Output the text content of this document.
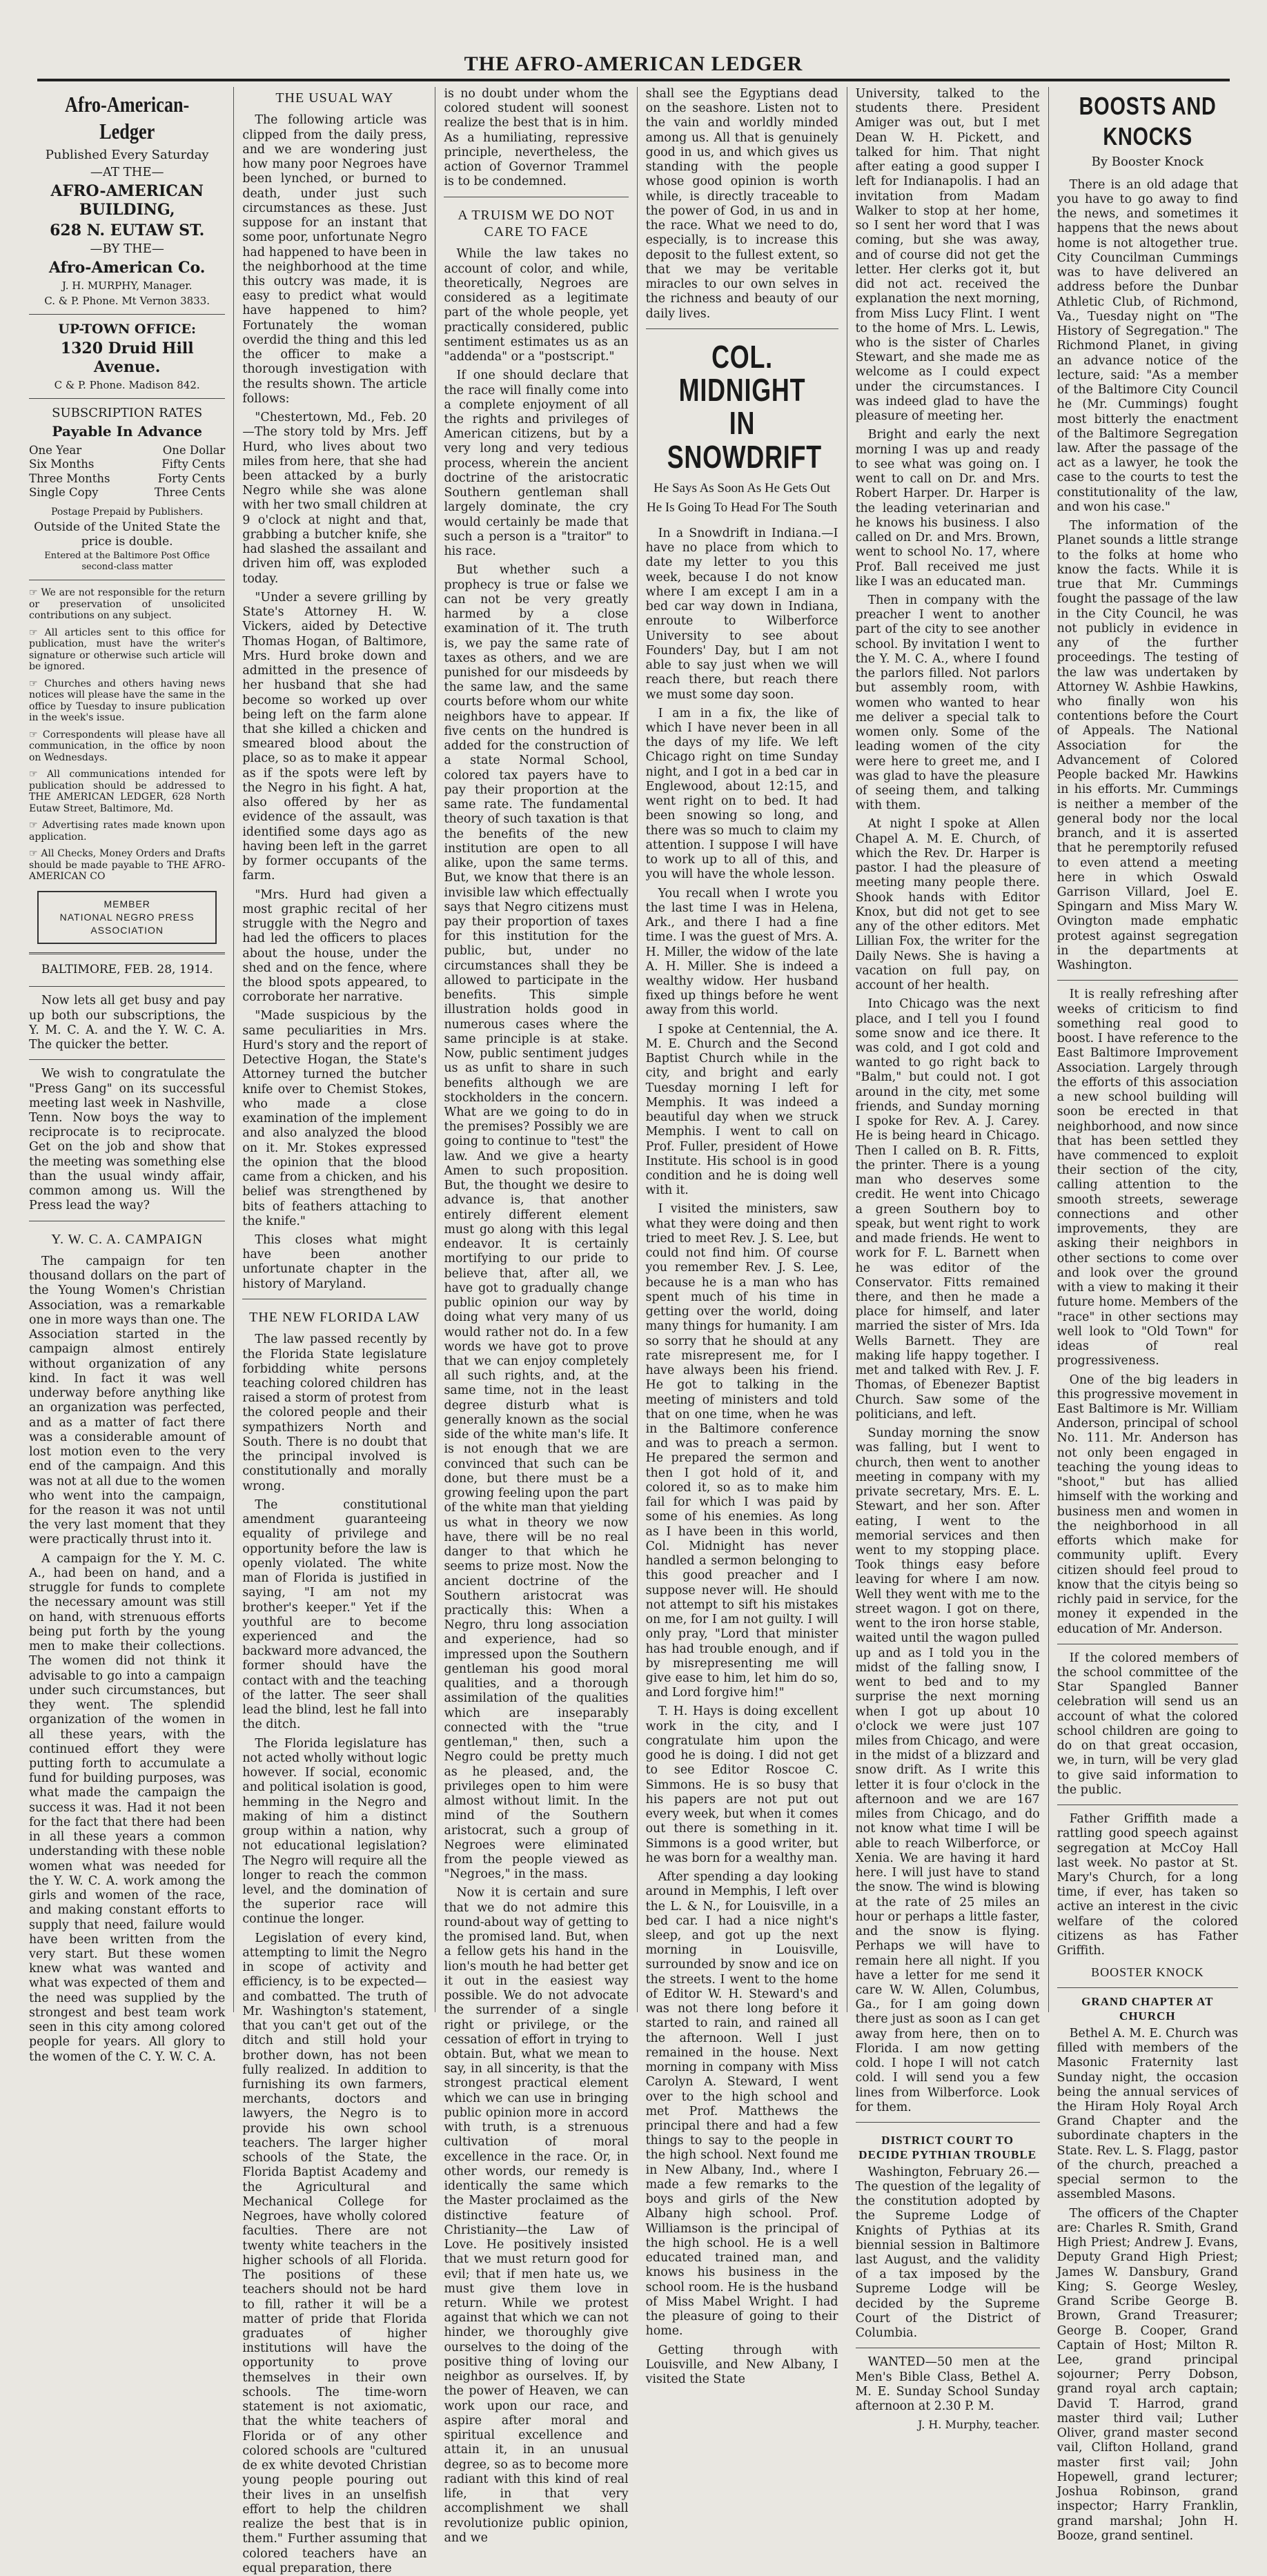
THE AFRO-AMERICAN LEDGER
Afro-American-Ledger
Published Every Saturday
—AT THE—
AFRO-AMERICAN BUILDING,
628 N. EUTAW ST.
—BY THE—
Afro-American Co.
J. H. MURPHY, Manager.
C. & P. Phone. Mt Vernon 3833.
UP-TOWN OFFICE:
1320 Druid Hill Avenue.
C & P. Phone. Madison 842.
SUBSCRIPTION RATES
Payable In Advance
One Year	One Dollar
Six Months	Fifty Cents
Three Months	Forty Cents
Single Copy	Three Cents
Postage Prepaid by Publishers.
Outside of the United State the price is double.
Entered at the Baltimore Post Office second-class matter

☞ We are not responsible for the return or preservation of unsolicited contributions on any subject.

☞ All articles sent to this office for publication, must have the writer's signature or otherwise such article will be ignored.

☞ Churches and others having news notices will please have the same in the office by Tuesday to insure publication in the week's issue.

☞ Correspondents will please have all communication, in the office by noon on Wednesdays.

☞ All communications intended for publication should be addressed to THE AMERICAN LEDGER, 628 North Eutaw Street, Baltimore, Md.

☞ Advertising rates made known upon application.

☞ All Checks, Money Orders and Drafts should be made payable to THE AFRO-AMERICAN CO

MEMBER
NATIONAL NEGRO PRESS
ASSOCIATION
BALTIMORE, FEB. 28, 1914.

Now lets all get busy and pay up both our subscriptions, the Y. M. C. A. and the Y. W. C. A. The quicker the better.

We wish to congratulate the "Press Gang" on its successful meeting last week in Nashville, Tenn. Now boys the way to reciprocate is to reciprocate. Get on the job and show that the meeting was something else than the usual windy affair, common among us. Will the Press lead the way?

Y. W. C. A. CAMPAIGN

The campaign for ten thousand dollars on the part of the Young Women's Christian Association, was a remarkable one in more ways than one. The Association started in the campaign almost entirely without organization of any kind. In fact it was well underway before anything like an organization was perfected, and as a matter of fact there was a considerable amount of lost motion even to the very end of the campaign. And this was not at all due to the women who went into the campaign, for the reason it was not until the very last moment that they were practically thrust into it.

A campaign for the Y. M. C. A., had been on hand, and a struggle for funds to complete the necessary amount was still on hand, with strenuous efforts being put forth by the young men to make their collections. The women did not think it advisable to go into a campaign under such circumstances, but they went. The splendid organization of the women in all these years, with the continued effort they were putting forth to accumulate a fund for building purposes, was what made the campaign the success it was. Had it not been for the fact that there had been in all these years a common understanding with these noble women what was needed for the Y. W. C. A. work among the girls and women of the race, and making constant efforts to supply that need, failure would have been written from the very start. But these women knew what was wanted and what was expected of them and the need was supplied by the strongest and best team work seen in this city among colored people for years. All glory to the women of the C. Y. W. C. A.

THE USUAL WAY

The following article was clipped from the daily press, and we are wondering just how many poor Negroes have been lynched, or burned to death, under just such circumstances as these. Just suppose for an instant that some poor, unfortunate Negro had happened to have been in the neighborhood at the time this outcry was made, it is easy to predict what would have happened to him? Fortunately the woman overdid the thing and this led the officer to make a thorough investigation with the results shown. The article follows:

"Chestertown, Md., Feb. 20—The story told by Mrs. Jeff Hurd, who lives about two miles from here, that she had been attacked by a burly Negro while she was alone with her two small children at 9 o'clock at night and that, grabbing a butcher knife, she had slashed the assailant and driven him off, was exploded today.

"Under a severe grilling by State's Attorney H. W. Vickers, aided by Detective Thomas Hogan, of Baltimore, Mrs. Hurd broke down and admitted in the presence of her husband that she had become so worked up over being left on the farm alone that she killed a chicken and smeared blood about the place, so as to make it appear as if the spots were left by the Negro in his fight. A hat, also offered by her as evidence of the assault, was identified some days ago as having been left in the garret by former occupants of the farm.

"Mrs. Hurd had given a most graphic recital of her struggle with the Negro and had led the officers to places about the house, under the shed and on the fence, where the blood spots appeared, to corroborate her narrative.

"Made suspicious by the same peculiarities in Mrs. Hurd's story and the report of Detective Hogan, the State's Attorney turned the butcher knife over to Chemist Stokes, who made a close examination of the implement and also analyzed the blood on it. Mr. Stokes expressed the opinion that the blood came from a chicken, and his belief was strengthened by bits of feathers attaching to the knife."

This closes what might have been another unfortunate chapter in the history of Maryland.

THE NEW FLORIDA LAW

The law passed recently by the Florida State legislature forbidding white persons teaching colored children has raised a storm of protest from the colored people and their sympathizers North and South. There is no doubt that the principal involved is constitutionally and morally wrong.

The constitutional amendment guaranteeing equality of privilege and opportunity before the law is openly violated. The white man of Florida is justified in saying, "I am not my brother's keeper." Yet if the youthful are to become experienced and the backward more advanced, the former should have the contact with and the teaching of the latter. The seer shall lead the blind, lest he fall into the ditch.

The Florida legislature has not acted wholly without logic however. If social, economic and political isolation is good, hemming in the Negro and making of him a distinct group within a nation, why not educational legislation? The Negro will require all the longer to reach the common level, and the domination of the superior race will continue the longer.

Legislation of every kind, attempting to limit the Negro in scope of activity and efficiency, is to be expected—and combatted. The truth of Mr. Washington's statement, that you can't get out of the ditch and still hold your brother down, has not been fully realized. In addition to furnishing its own farmers, merchants, doctors and lawyers, the Negro is to provide his own school teachers. The larger higher schools of the State, the Florida Baptist Academy and the Agricultural and Mechanical College for Negroes, have wholly colored faculties. There are not twenty white teachers in the higher schools of all Florida. The positions of these teachers should not be hard to fill, rather it will be a matter of pride that Florida graduates of higher institutions will have the opportunity to prove themselves in their own schools. The time-worn statement is not axiomatic, that the white teachers of Florida or of any other colored schools are "cultured de ex white devoted Christian young people pouring out their lives in an unselfish effort to help the children realize the best that is in them." Further assuming that colored teachers have an equal preparation, there

is no doubt under whom the colored student will soonest realize the best that is in him. As a humiliating, repressive principle, nevertheless, the action of Governor Trammel is to be condemned.

A TRUISM WE DO NOT CARE TO FACE

While the law takes no account of color, and while, theoretically, Negroes are considered as a legitimate part of the whole people, yet practically considered, public sentiment estimates us as an "addenda" or a "postscript."

If one should declare that the race will finally come into a complete enjoyment of all the rights and privileges of American citizens, but by a very long and very tedious process, wherein the ancient doctrine of the aristocratic Southern gentleman shall largely dominate, the cry would certainly be made that such a person is a "traitor" to his race.

But whether such a prophecy is true or false we can not be very greatly harmed by a close examination of it. The truth is, we pay the same rate of taxes as others, and we are punished for our misdeeds by the same law, and the same courts before whom our white neighbors have to appear. If five cents on the hundred is added for the construction of a state Normal School, colored tax payers have to pay their proportion at the same rate. The fundamental theory of such taxation is that the benefits of the new institution are open to all alike, upon the same terms. But, we know that there is an invisible law which effectually says that Negro citizens must pay their proportion of taxes for this institution for the public, but, under no circumstances shall they be allowed to participate in the benefits. This simple illustration holds good in numerous cases where the same principle is at stake. Now, public sentiment judges us as unfit to share in such benefits although we are stockholders in the concern. What are we going to do in the premises? Possibly we are going to continue to "test" the law. And we give a hearty Amen to such proposition. But, the thought we desire to advance is, that another entirely different element must go along with this legal endeavor. It is certainly mortifying to our pride to believe that, after all, we have got to gradually change public opinion our way by doing what very many of us would rather not do. In a few words we have got to prove that we can enjoy completely all such rights, and, at the same time, not in the least degree disturb what is generally known as the social side of the white man's life. It is not enough that we are convinced that such can be done, but there must be a growing feeling upon the part of the white man that yielding us what in theory we now have, there will be no real danger to that which he seems to prize most. Now the ancient doctrine of the Southern aristocrat was practically this: When a Negro, thru long association and experience, had so impressed upon the Southern gentleman his good moral qualities, and a thorough assimilation of the qualities which are inseparably connected with the "true gentleman," then, such a Negro could be pretty much as he pleased, and, the privileges open to him were almost without limit. In the mind of the Southern aristocrat, such a group of Negroes were eliminated from the people viewed as "Negroes," in the mass.

Now it is certain and sure that we do not admire this round-about way of getting to the promised land. But, when a fellow gets his hand in the lion's mouth he had better get it out in the easiest way possible. We do not advocate the surrender of a single right or privilege, or the cessation of effort in trying to obtain. But, what we mean to say, in all sincerity, is that the strongest practical element which we can use in bringing public opinion more in accord with truth, is a strenuous cultivation of moral excellence in the race. Or, in other words, our remedy is identically the same which the Master proclaimed as the distinctive feature of Christianity—the Law of Love. He positively insisted that we must return good for evil; that if men hate us, we must give them love in return. While we protest against that which we can not hinder, we thoroughly give ourselves to the doing of the positive thing of loving our neighbor as ourselves. If, by the power of Heaven, we can work upon our race, and aspire after moral and spiritual excellence and attain it, in an unusual degree, so as to become more radiant with this kind of real life, in that very accomplishment we shall revolutionize public opinion, and we

shall see the Egyptians dead on the seashore. Listen not to the vain and worldly minded among us. All that is genuinely good in us, and which gives us standing with the people whose good opinion is worth while, is directly traceable to the power of God, in us and in the race. What we need to do, especially, is to increase this deposit to the fullest extent, so that we may be veritable miracles to our own selves in the richness and beauty of our daily lives.

COL. MIDNIGHT IN SNOWDRIFT
He Says As Soon As He Gets Out He Is Going To Head For The South

In a Snowdrift in Indiana.—I have no place from which to date my letter to you this week, because I do not know where I am except I am in a bed car way down in Indiana, enroute to Wilberforce University to see about Founders' Day, but I am not able to say just when we will reach there, but reach there we must some day soon.

I am in a fix, the like of which I have never been in all the days of my life. We left Chicago right on time Sunday night, and I got in a bed car in Englewood, about 12:15, and went right on to bed. It had been snowing so long, and there was so much to claim my attention. I suppose I will have to work up to all of this, and you will have the whole lesson.

You recall when I wrote you the last time I was in Helena, Ark., and there I had a fine time. I was the guest of Mrs. A. H. Miller, the widow of the late A. H. Miller. She is indeed a wealthy widow. Her husband fixed up things before he went away from this world.

I spoke at Centennial, the A. M. E. Church and the Second Baptist Church while in the city, and bright and early Tuesday morning I left for Memphis. It was indeed a beautiful day when we struck Memphis. I went to call on Prof. Fuller, president of Howe Institute. His school is in good condition and he is doing well with it.

I visited the ministers, saw what they were doing and then tried to meet Rev. J. S. Lee, but could not find him. Of course you remember Rev. J. S. Lee, because he is a man who has spent much of his time in getting over the world, doing many things for humanity. I am so sorry that he should at any rate misrepresent me, for I have always been his friend. He got to talking in the meeting of ministers and told that on one time, when he was in the Baltimore conference and was to preach a sermon. He prepared the sermon and then I got hold of it, and colored it, so as to make him fail for which I was paid by some of his enemies. As long as I have been in this world, Col. Midnight has never handled a sermon belonging to this good preacher and I suppose never will. He should not attempt to sift his mistakes on me, for I am not guilty. I will only pray, "Lord that minister has had trouble enough, and if by misrepresenting me will give ease to him, let him do so, and Lord forgive him!"

T. H. Hays is doing excellent work in the city, and I congratulate him upon the good he is doing. I did not get to see Editor Roscoe C. Simmons. He is so busy that his papers are not put out every week, but when it comes out there is something in it. Simmons is a good writer, but he was born for a wealthy man.

After spending a day looking around in Memphis, I left over the L. & N., for Louisville, in a bed car. I had a nice night's sleep, and got up the next morning in Louisville, surrounded by snow and ice on the streets. I went to the home of Editor W. H. Steward's and was not there long before it started to rain, and rained all the afternoon. Well I just remained in the house. Next morning in company with Miss Carolyn A. Steward, I went over to the high school and met Prof. Matthews the principal there and had a few things to say to the people in the high school. Next found me in New Albany, Ind., where I made a few remarks to the boys and girls of the New Albany high school. Prof. Williamson is the principal of the high school. He is a well educated trained man, and knows his business in the school room. He is the husband of Miss Mabel Wright. I had the pleasure of going to their home.

Getting through with Louisville, and New Albany, I visited the State

University, talked to the students there. President Amiger was out, but I met Dean W. H. Pickett, and talked for him. That night after eating a good supper I left for Indianapolis. I had an invitation from Madam Walker to stop at her home, so I sent her word that I was coming, but she was away, and of course did not get the letter. Her clerks got it, but did not act. received the explanation the next morning, from Miss Lucy Flint. I went to the home of Mrs. L. Lewis, who is the sister of Charles Stewart, and she made me as welcome as I could expect under the circumstances. I was indeed glad to have the pleasure of meeting her.

Bright and early the next morning I was up and ready to see what was going on. I went to call on Dr. and Mrs. Robert Harper. Dr. Harper is the leading veterinarian and he knows his business. I also called on Dr. and Mrs. Brown, went to school No. 17, where Prof. Ball received me just like I was an educated man.

Then in company with the preacher I went to another part of the city to see another school. By invitation I went to the Y. M. C. A., where I found the parlors filled. Not parlors but assembly room, with women who wanted to hear me deliver a special talk to women only. Some of the leading women of the city were here to greet me, and I was glad to have the pleasure of seeing them, and talking with them.

At night I spoke at Allen Chapel A. M. E. Church, of which the Rev. Dr. Harper is pastor. I had the pleasure of meeting many people there. Shook hands with Editor Knox, but did not get to see any of the other editors. Met Lillian Fox, the writer for the Daily News. She is having a vacation on full pay, on account of her health.

Into Chicago was the next place, and I tell you I found some snow and ice there. It was cold, and I got cold and wanted to go right back to "Balm," but could not. I got around in the city, met some friends, and Sunday morning I spoke for Rev. A. J. Carey. He is being heard in Chicago. Then I called on B. R. Fitts, the printer. There is a young man who deserves some credit. He went into Chicago a green Southern boy to speak, but went right to work and made friends. He went to work for F. L. Barnett when he was editor of the Conservator. Fitts remained there, and then he made a place for himself, and later married the sister of Mrs. Ida Wells Barnett. They are making life happy together. I met and talked with Rev. J. F. Thomas, of Ebenezer Baptist Church. Saw some of the politicians, and left.

Sunday morning the snow was falling, but I went to church, then went to another meeting in company with my private secretary, Mrs. E. L. Stewart, and her son. After eating, I went to the memorial services and then went to my stopping place. Took things easy before leaving for where I am now. Well they went with me to the street wagon. I got on there, went to the iron horse stable, waited until the wagon pulled up and as I told you in the midst of the falling snow, I went to bed and to my surprise the next morning when I got up about 10 o'clock we were just 107 miles from Chicago, and were in the midst of a blizzard and snow drift. As I write this letter it is four o'clock in the afternoon and we are 167 miles from Chicago, and do not know what time I will be able to reach Wilberforce, or Xenia. We are having it hard here. I will just have to stand the snow. The wind is blowing at the rate of 25 miles an hour or perhaps a little faster, and the snow is flying. Perhaps we will have to remain here all night. If you have a letter for me send it care W. W. Allen, Columbus, Ga., for I am going down there just as soon as I can get away from here, then on to Florida. I am now getting cold. I hope I will not catch cold. I will send you a few lines from Wilberforce. Look for them.

DISTRICT COURT TO DECIDE PYTHIAN TROUBLE

Washington, February 26.—The question of the legality of the constitution adopted by the Supreme Lodge of Knights of Pythias at its biennial session in Baltimore last August, and the validity of a tax imposed by the Supreme Lodge will be decided by the Supreme Court of the District of Columbia.

WANTED—50 men at the Men's Bible Class, Bethel A. M. E. Sunday School Sunday afternoon at 2.30 P. M.

J. H. Murphy, teacher.
BOOSTS AND KNOCKS
By Booster Knock

There is an old adage that you have to go away to find the news, and sometimes it happens that the news about home is not altogether true. City Councilman Cummings was to have delivered an address before the Dunbar Athletic Club, of Richmond, Va., Tuesday night on "The History of Segregation." The Richmond Planet, in giving an advance notice of the lecture, said: "As a member of the Baltimore City Council he (Mr. Cummings) fought most bitterly the enactment of the Baltimore Segregation law. After the passage of the act as a lawyer, he took the case to the courts to test the constitutionality of the law, and won his case."

The information of the Planet sounds a little strange to the folks at home who know the facts. While it is true that Mr. Cummings fought the passage of the law in the City Council, he was not publicly in evidence in any of the further proceedings. The testing of the law was undertaken by Attorney W. Ashbie Hawkins, who finally won his contentions before the Court of Appeals. The National Association for the Advancement of Colored People backed Mr. Hawkins in his efforts. Mr. Cummings is neither a member of the general body nor the local branch, and it is asserted that he peremptorily refused to even attend a meeting here in which Oswald Garrison Villard, Joel E. Spingarn and Miss Mary W. Ovington made emphatic protest against segregation in the departments at Washington.

It is really refreshing after weeks of criticism to find something real good to boost. I have reference to the East Baltimore Improvement Association. Largely through the efforts of this association a new school building will soon be erected in that neighborhood, and now since that has been settled they have commenced to exploit their section of the city, calling attention to the smooth streets, sewerage connections and other improvements, they are asking their neighbors in other sections to come over and look over the ground with a view to making it their future home. Members of the "race" in other sections may well look to "Old Town" for ideas of real progressiveness.

One of the big leaders in this progressive movement in East Baltimore is Mr. William Anderson, principal of school No. 111. Mr. Anderson has not only been engaged in teaching the young ideas to "shoot," but has allied himself with the working and business men and women in the neighborhood in all efforts which make for community uplift. Every citizen should feel proud to know that the cityis being so richly paid in service, for the money it expended in the education of Mr. Anderson.

If the colored members of the school committee of the Star Spangled Banner celebration will send us an account of what the colored school children are going to do on that great occasion, we, in turn, will be very glad to give said information to the public.

Father Griffith made a rattling good speech against segregation at McCoy Hall last week. No pastor at St. Mary's Church, for a long time, if ever, has taken so active an interest in the civic welfare of the colored citizens as has Father Griffith.

BOOSTER KNOCK
GRAND CHAPTER AT CHURCH

Bethel A. M. E. Church was filled with members of the Masonic Fraternity last Sunday night, the occasion being the annual services of the Hiram Holy Royal Arch Grand Chapter and the subordinate chapters in the State. Rev. L. S. Flagg, pastor of the church, preached a special sermon to the assembled Masons.

The officers of the Chapter are: Charles R. Smith, Grand High Priest; Andrew J. Evans, Deputy Grand High Priest; James W. Dansbury, Grand King; S. George Wesley, Grand Scribe George B. Brown, Grand Treasurer; George B. Cooper, Grand Captain of Host; Milton R. Lee, grand principal sojourner; Perry Dobson, grand royal arch captain; David T. Harrod, grand master third vail; Luther Oliver, grand master second vail, Clifton Holland, grand master first vail; John Hopewell, grand lecturer; Joshua Robinson, grand inspector; Harry Franklin, grand marshal; John H. Booze, grand sentinel.
